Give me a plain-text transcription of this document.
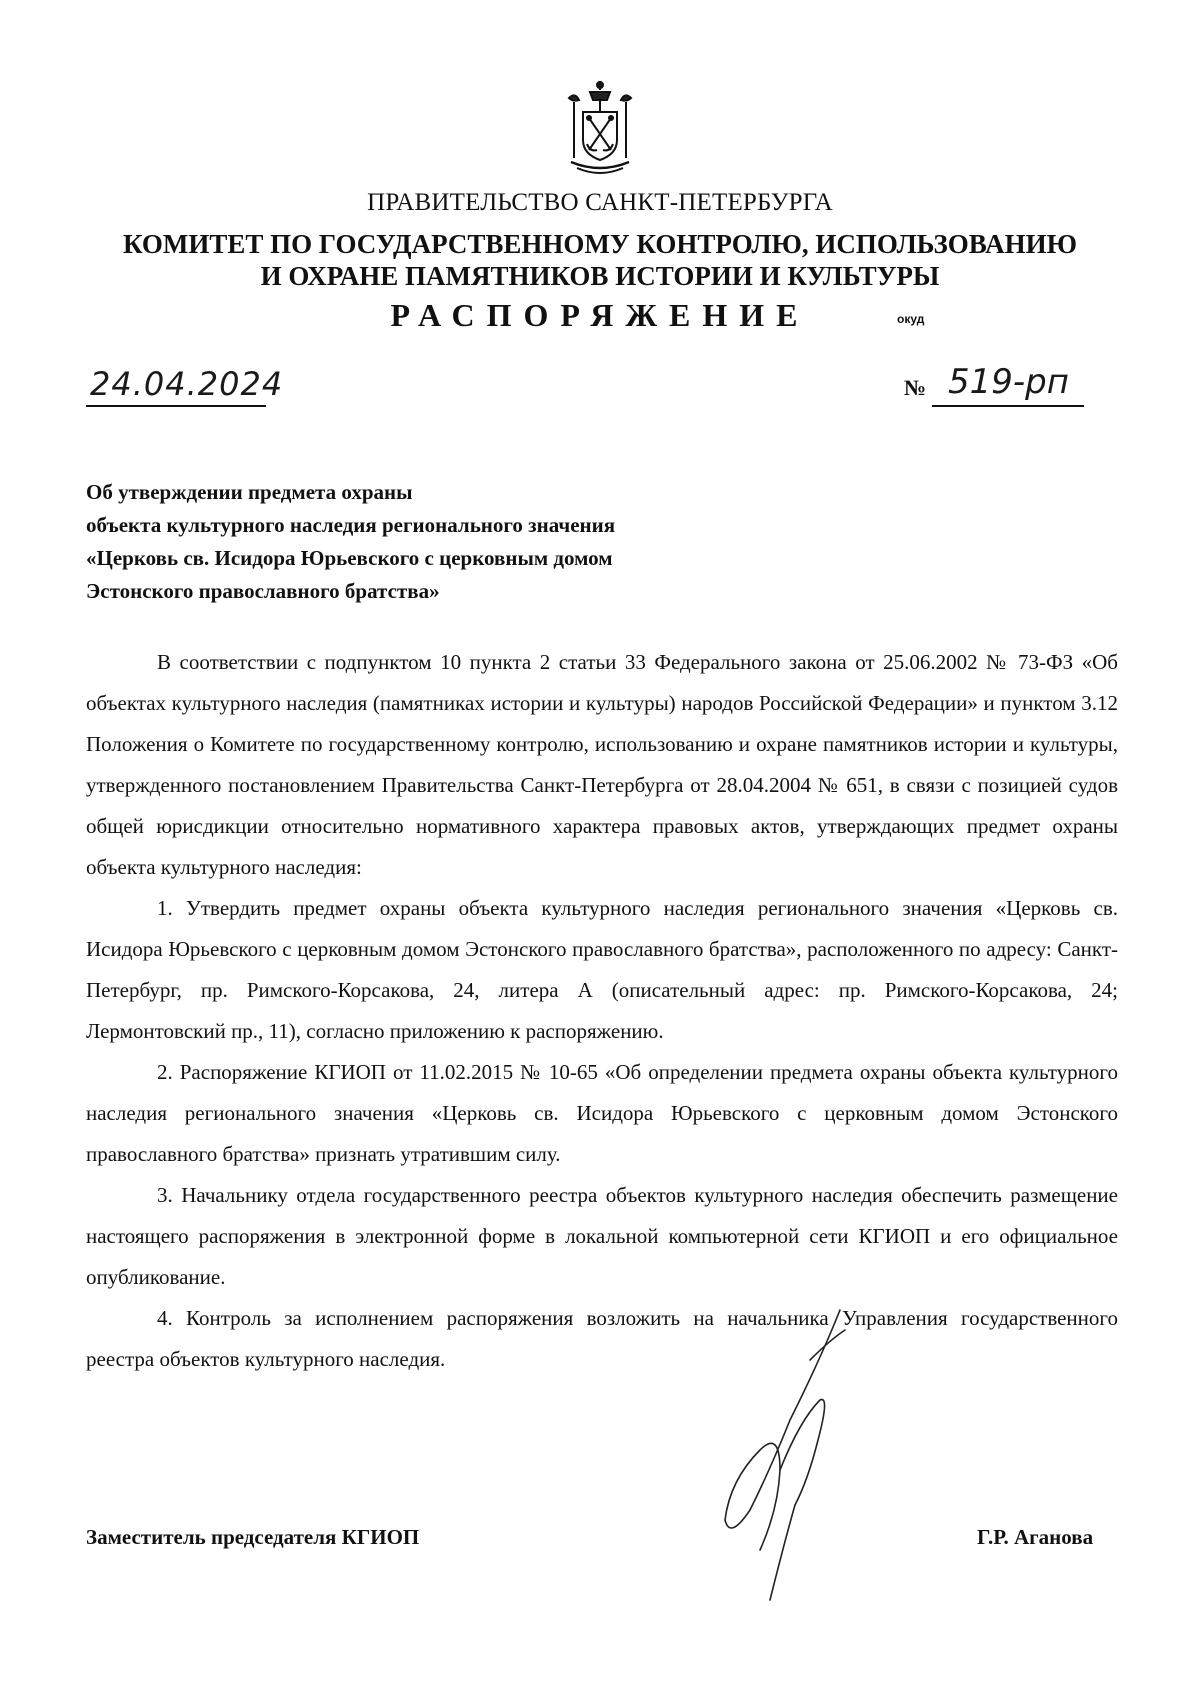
ПРАВИТЕЛЬСТВО САНКТ-ПЕТЕРБУРГА
КОМИТЕТ ПО ГОСУДАРСТВЕННОМУ КОНТРОЛЮ, ИСПОЛЬЗОВАНИЮ
И ОХРАНЕ ПАМЯТНИКОВ ИСТОРИИ И КУЛЬТУРЫ
РАСПОРЯЖЕНИЕ	окуд
24.04.2024	№ 519-рп
Об утверждении предмета охраны
объекта культурного наследия регионального значения
«Церковь св. Исидора Юрьевского с церковным домом
Эстонского православного братства»

В соответствии с подпунктом 10 пункта 2 статьи 33 Федерального закона от 25.06.2002 № 73-ФЗ «Об объектах культурного наследия (памятниках истории и культуры) народов Российской Федерации» и пунктом 3.12 Положения о Комитете по государственному контролю, использованию и охране памятников истории и культуры, утвержденного постановлением Правительства Санкт-Петербурга от 28.04.2004 № 651, в связи с позицией судов общей юрисдикции относительно нормативного характера правовых актов, утверждающих предмет охраны объекта культурного наследия:

1. Утвердить предмет охраны объекта культурного наследия регионального значения «Церковь св. Исидора Юрьевского с церковным домом Эстонского православного братства», расположенного по адресу: Санкт-Петербург, пр. Римского-Корсакова, 24, литера А (описательный адрес: пр. Римского-Корсакова, 24; Лермонтовский пр., 11), согласно приложению к распоряжению.

2. Распоряжение КГИОП от 11.02.2015 № 10-65 «Об определении предмета охраны объекта культурного наследия регионального значения «Церковь св. Исидора Юрьевского с церковным домом Эстонского православного братства» признать утратившим силу.

3. Начальнику отдела государственного реестра объектов культурного наследия обеспечить размещение настоящего распоряжения в электронной форме в локальной компьютерной сети КГИОП и его официальное опубликование.

4. Контроль за исполнением распоряжения возложить на начальника Управления государственного реестра объектов культурного наследия.

Заместитель председателя КГИОП	Г.Р. Аганова
